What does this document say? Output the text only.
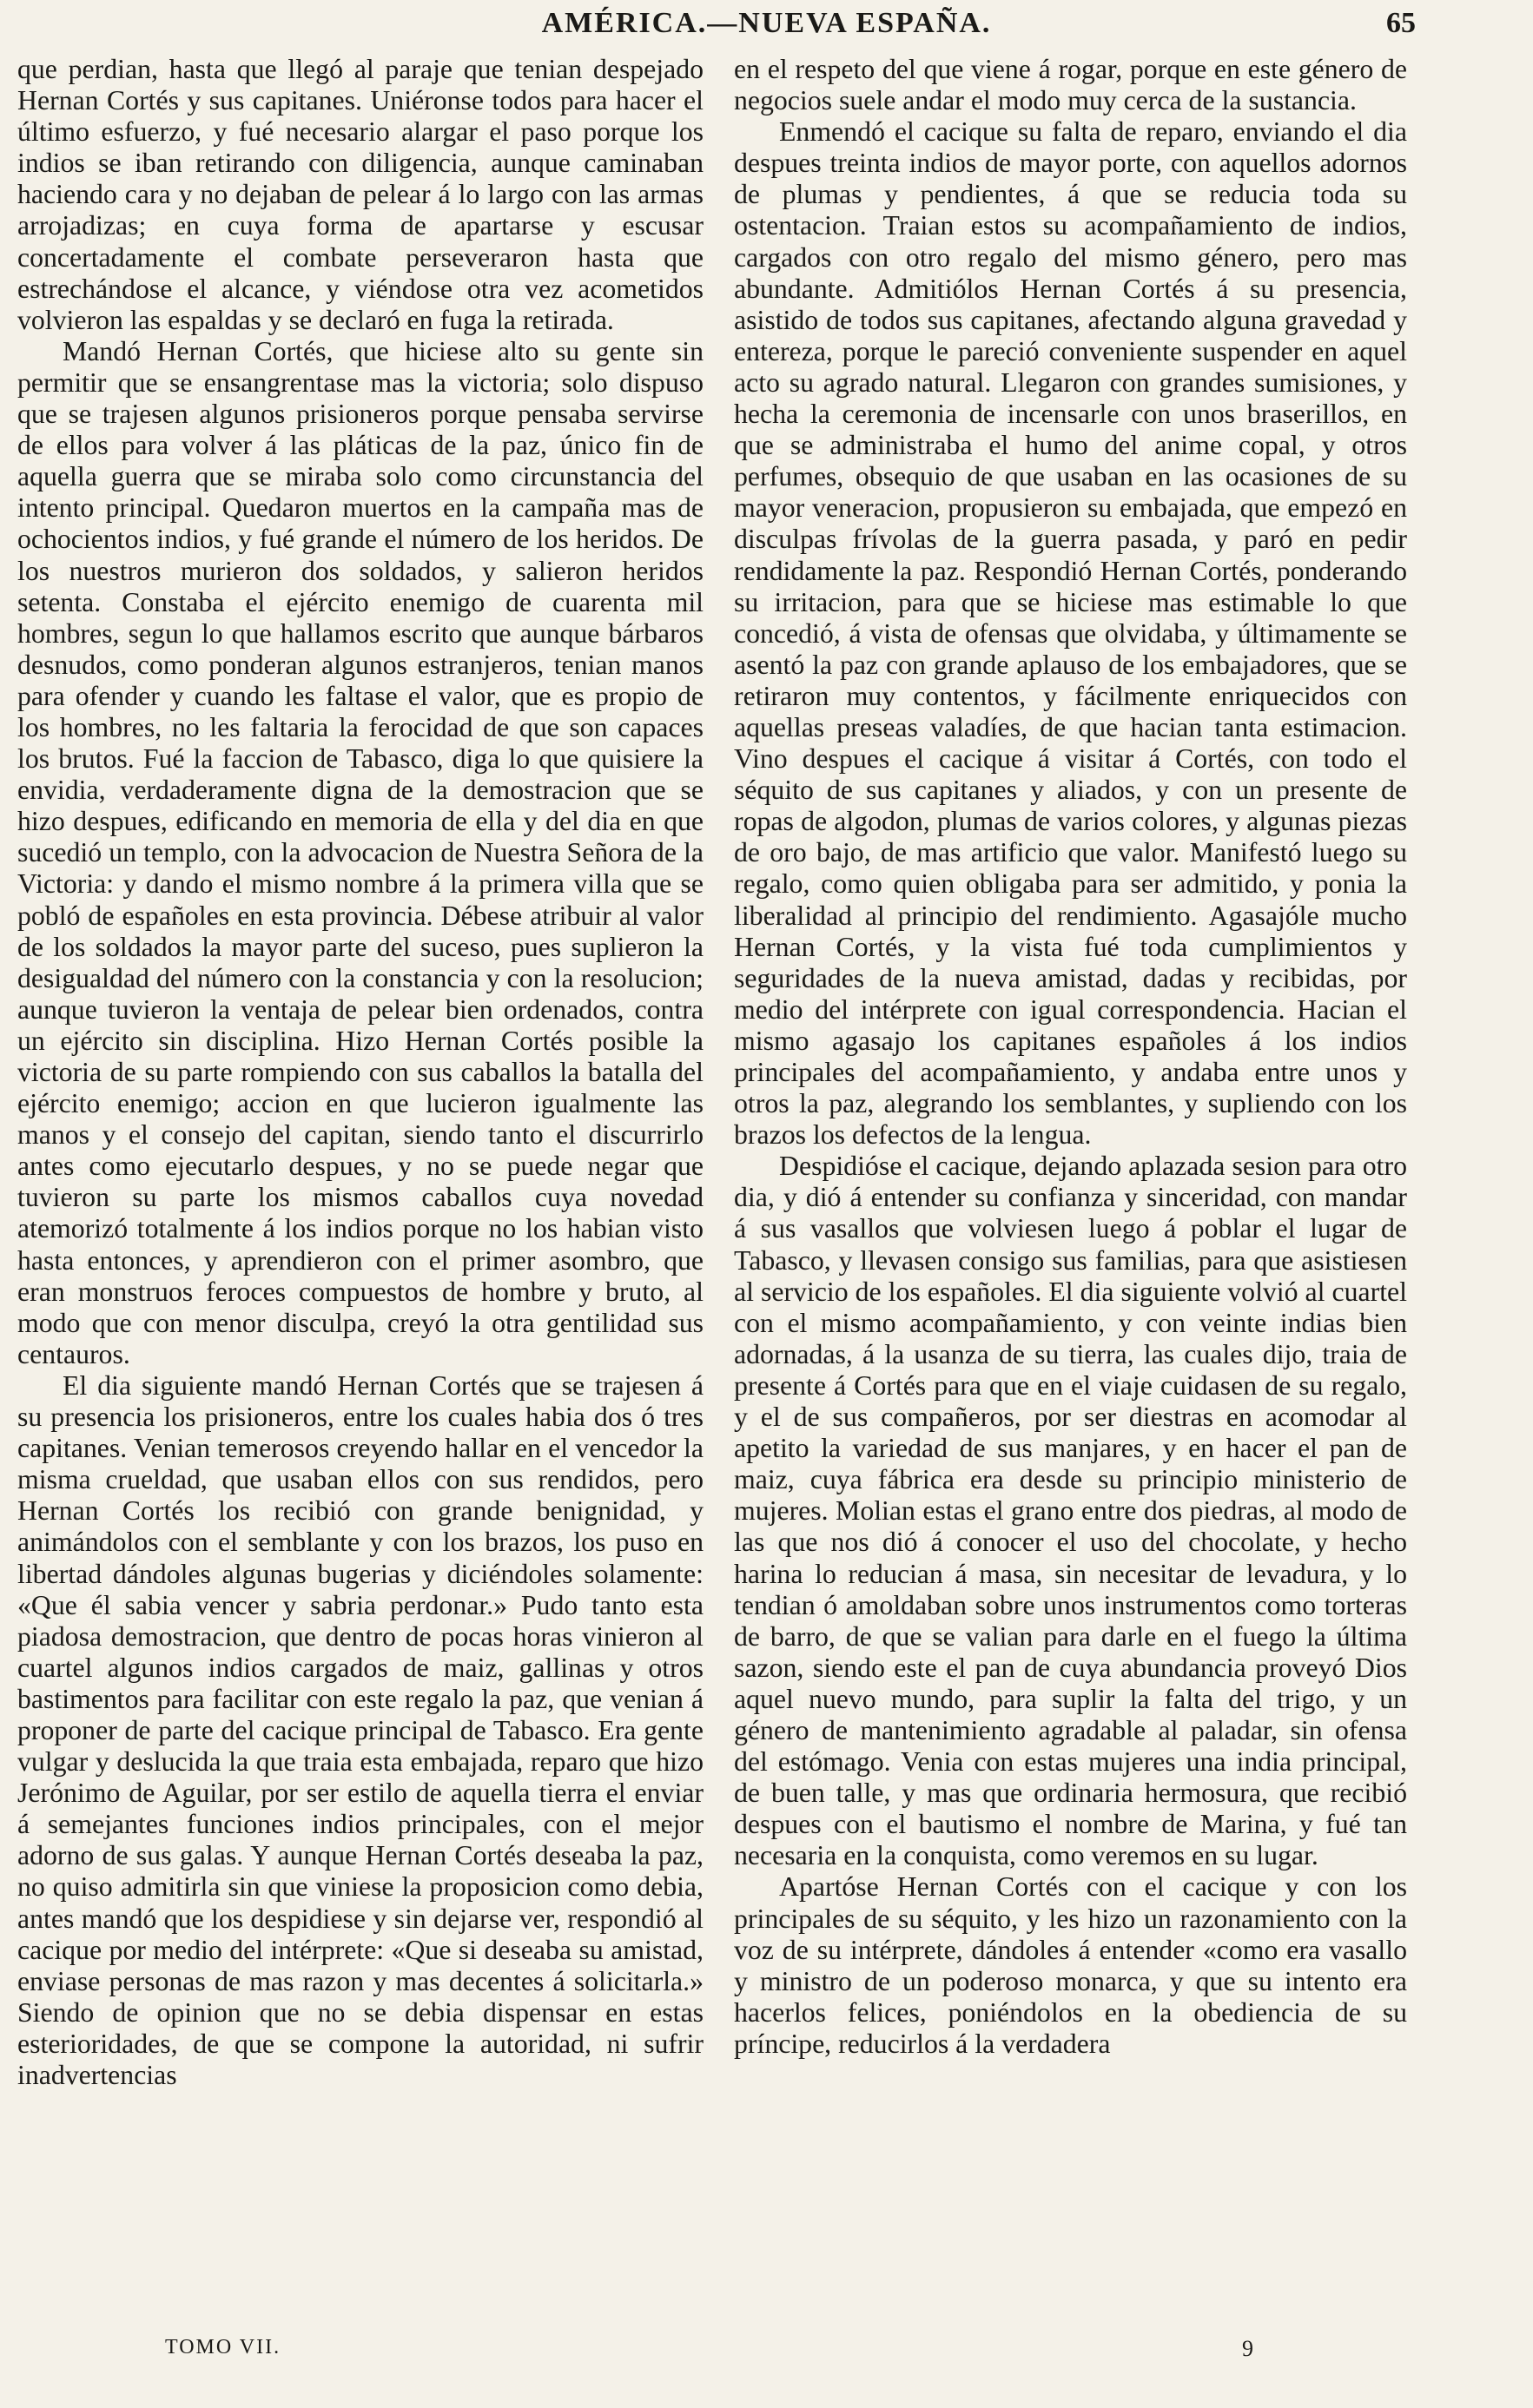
AMÉRICA.—NUEVA ESPAÑA.	65

que perdian, hasta que llegó al paraje que tenian despejado Hernan Cortés y sus capitanes. Uniéronse todos para hacer el último esfuerzo, y fué necesario alargar el paso porque los indios se iban retirando con diligencia, aunque caminaban haciendo cara y no dejaban de pelear á lo largo con las armas arrojadizas; en cuya forma de apartarse y escusar concertadamente el combate perseveraron hasta que estrechándose el alcance, y viéndose otra vez acometidos volvieron las espaldas y se declaró en fuga la retirada.

Mandó Hernan Cortés, que hiciese alto su gente sin permitir que se ensangrentase mas la victoria; solo dispuso que se trajesen algunos prisioneros porque pensaba servirse de ellos para volver á las pláticas de la paz, único fin de aquella guerra que se miraba solo como circunstancia del intento principal. Quedaron muertos en la campaña mas de ochocientos indios, y fué grande el número de los heridos. De los nuestros murieron dos soldados, y salieron heridos setenta. Constaba el ejército enemigo de cuarenta mil hombres, segun lo que hallamos escrito que aunque bárbaros desnudos, como ponderan algunos estranjeros, tenian manos para ofender y cuando les faltase el valor, que es propio de los hombres, no les faltaria la ferocidad de que son capaces los brutos. Fué la faccion de Tabasco, diga lo que quisiere la envidia, verdaderamente digna de la demostracion que se hizo despues, edificando en memoria de ella y del dia en que sucedió un templo, con la advocacion de Nuestra Señora de la Victoria: y dando el mismo nombre á la primera villa que se pobló de españoles en esta provincia. Débese atribuir al valor de los soldados la mayor parte del suceso, pues suplieron la desigualdad del número con la constancia y con la resolucion; aunque tuvieron la ventaja de pelear bien ordenados, contra un ejército sin disciplina. Hizo Hernan Cortés posible la victoria de su parte rompiendo con sus caballos la batalla del ejército enemigo; accion en que lucieron igualmente las manos y el consejo del capitan, siendo tanto el discurrirlo antes como ejecutarlo despues, y no se puede negar que tuvieron su parte los mismos caballos cuya novedad atemorizó totalmente á los indios porque no los habian visto hasta entonces, y aprendieron con el primer asombro, que eran monstruos feroces compuestos de hombre y bruto, al modo que con menor disculpa, creyó la otra gentilidad sus centauros.

El dia siguiente mandó Hernan Cortés que se trajesen á su presencia los prisioneros, entre los cuales habia dos ó tres capitanes. Venian temerosos creyendo hallar en el vencedor la misma crueldad, que usaban ellos con sus rendidos, pero Hernan Cortés los recibió con grande benignidad, y animándolos con el semblante y con los brazos, los puso en libertad dándoles algunas bugerias y diciéndoles solamente: «Que él sabia vencer y sabria perdonar.» Pudo tanto esta piadosa demostracion, que dentro de pocas horas vinieron al cuartel algunos indios cargados de maiz, gallinas y otros bastimentos para facilitar con este regalo la paz, que venian á proponer de parte del cacique principal de Tabasco. Era gente vulgar y deslucida la que traia esta embajada, reparo que hizo Jerónimo de Aguilar, por ser estilo de aquella tierra el enviar á semejantes funciones indios principales, con el mejor adorno de sus galas. Y aunque Hernan Cortés deseaba la paz, no quiso admitirla sin que viniese la proposicion como debia, antes mandó que los despidiese y sin dejarse ver, respondió al cacique por medio del intérprete: «Que si deseaba su amistad, enviase personas de mas razon y mas decentes á solicitarla.» Siendo de opinion que no se debia dispensar en estas esterioridades, de que se compone la autoridad, ni sufrir inadvertencias

en el respeto del que viene á rogar, porque en este género de negocios suele andar el modo muy cerca de la sustancia.

Enmendó el cacique su falta de reparo, enviando el dia despues treinta indios de mayor porte, con aquellos adornos de plumas y pendientes, á que se reducia toda su ostentacion. Traian estos su acompañamiento de indios, cargados con otro regalo del mismo género, pero mas abundante. Admitiólos Hernan Cortés á su presencia, asistido de todos sus capitanes, afectando alguna gravedad y entereza, porque le pareció conveniente suspender en aquel acto su agrado natural. Llegaron con grandes sumisiones, y hecha la ceremonia de incensarle con unos braserillos, en que se administraba el humo del anime copal, y otros perfumes, obsequio de que usaban en las ocasiones de su mayor veneracion, propusieron su embajada, que empezó en disculpas frívolas de la guerra pasada, y paró en pedir rendidamente la paz. Respondió Hernan Cortés, ponderando su irritacion, para que se hiciese mas estimable lo que concedió, á vista de ofensas que olvidaba, y últimamente se asentó la paz con grande aplauso de los embajadores, que se retiraron muy contentos, y fácilmente enriquecidos con aquellas preseas valadíes, de que hacian tanta estimacion. Vino despues el cacique á visitar á Cortés, con todo el séquito de sus capitanes y aliados, y con un presente de ropas de algodon, plumas de varios colores, y algunas piezas de oro bajo, de mas artificio que valor. Manifestó luego su regalo, como quien obligaba para ser admitido, y ponia la liberalidad al principio del rendimiento. Agasajóle mucho Hernan Cortés, y la vista fué toda cumplimientos y seguridades de la nueva amistad, dadas y recibidas, por medio del intérprete con igual correspondencia. Hacian el mismo agasajo los capitanes españoles á los indios principales del acompañamiento, y andaba entre unos y otros la paz, alegrando los semblantes, y supliendo con los brazos los defectos de la lengua.

Despidióse el cacique, dejando aplazada sesion para otro dia, y dió á entender su confianza y sinceridad, con mandar á sus vasallos que volviesen luego á poblar el lugar de Tabasco, y llevasen consigo sus familias, para que asistiesen al servicio de los españoles. El dia siguiente volvió al cuartel con el mismo acompañamiento, y con veinte indias bien adornadas, á la usanza de su tierra, las cuales dijo, traia de presente á Cortés para que en el viaje cuidasen de su regalo, y el de sus compañeros, por ser diestras en acomodar al apetito la variedad de sus manjares, y en hacer el pan de maiz, cuya fábrica era desde su principio ministerio de mujeres. Molian estas el grano entre dos piedras, al modo de las que nos dió á conocer el uso del chocolate, y hecho harina lo reducian á masa, sin necesitar de levadura, y lo tendian ó amoldaban sobre unos instrumentos como torteras de barro, de que se valian para darle en el fuego la última sazon, siendo este el pan de cuya abundancia proveyó Dios aquel nuevo mundo, para suplir la falta del trigo, y un género de mantenimiento agradable al paladar, sin ofensa del estómago. Venia con estas mujeres una india principal, de buen talle, y mas que ordinaria hermosura, que recibió despues con el bautismo el nombre de Marina, y fué tan necesaria en la conquista, como veremos en su lugar.

Apartóse Hernan Cortés con el cacique y con los principales de su séquito, y les hizo un razonamiento con la voz de su intérprete, dándoles á entender «como era vasallo y ministro de un poderoso monarca, y que su intento era hacerlos felices, poniéndolos en la obediencia de su príncipe, reducirlos á la verdadera

TOMO VII.	9
